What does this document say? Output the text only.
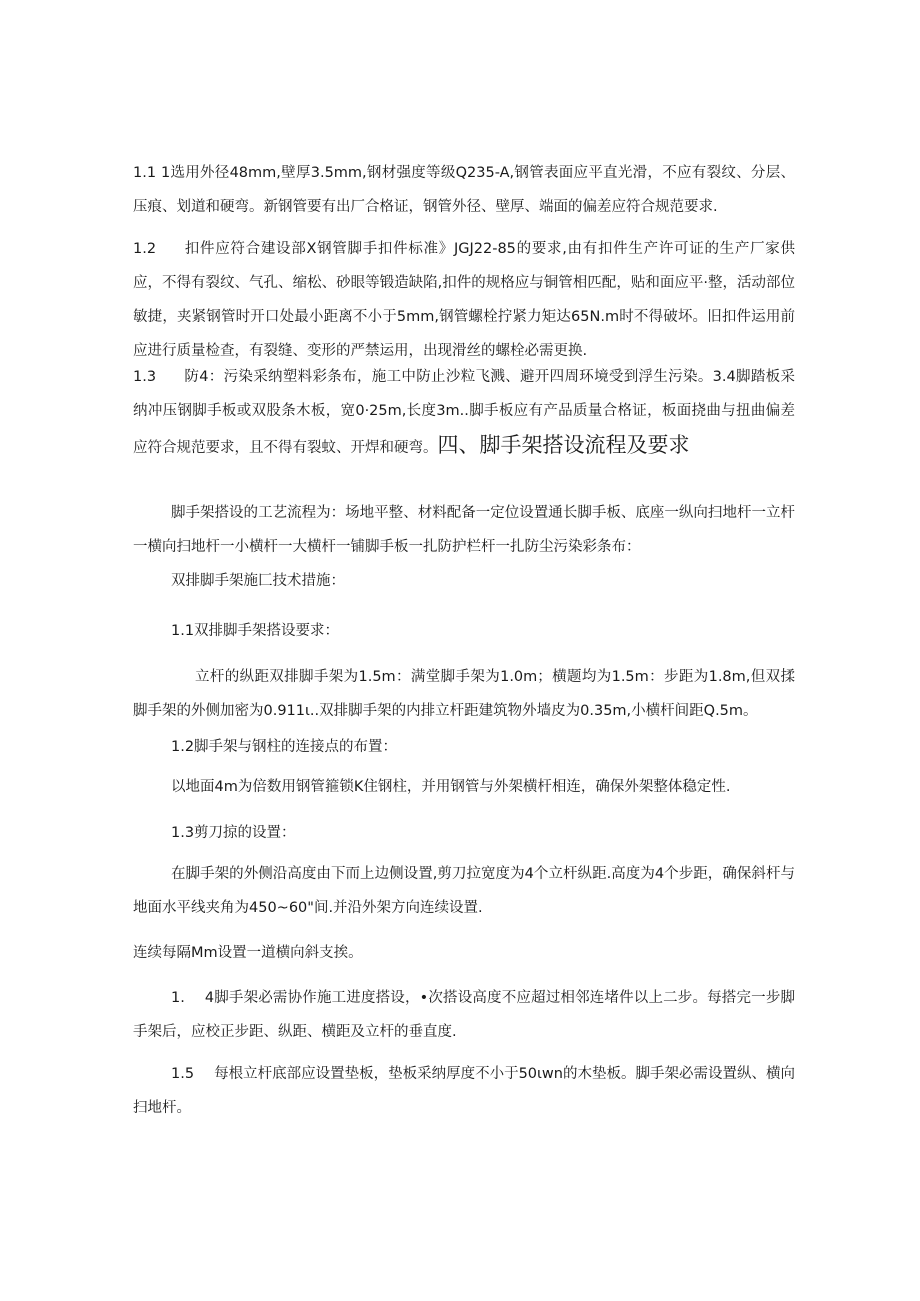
1.1 1选用外径48mm,壁厚3.5mm,钢材强度等级Q235-A,钢管表面应平直光滑，不应有裂纹、分层、压痕、划道和硬弯。新钢管要有出厂合格证，钢管外径、壁厚、端面的偏差应符合规范要求.

1.2 扣件应符合建设部X钢管脚手扣件标准》JGJ22-85的要求,由有扣件生产许可证的生产厂家供应，不得有裂纹、气孔、缩松、砂眼等锻造缺陷,扣件的规格应与铜管相匹配，贴和面应平·整，活动部位敏捷，夹紧钢管时开口处最小距离不小于5mm,钢管螺栓拧紧力矩达65N.m时不得破坏。旧扣件运用前应进行质量检查，有裂缝、变形的严禁运用，出现滑丝的螺栓必需更换.

1.3 防4：污染采纳塑料彩条布，施工中防止沙粒飞溅、避开四周环境受到浮生污染。3.4脚踏板采纳冲压钢脚手板或双股条木板，宽0·25m,长度3m..脚手板应有产品质量合格证，板面挠曲与扭曲偏差应符合规范要求，且不得有裂蚊、开焊和硬弯。四、脚手架搭设流程及要求

脚手架搭设的工艺流程为：场地平整、材料配备一定位设置通长脚手板、底座一纵向扫地杆一立杆一横向扫地杆一小横杆一大横杆一铺脚手板一扎防护栏杆一扎防尘污染彩条布：

双排脚手架施匚技术措施：

1.1双排脚手架搭设要求：

立杆的纵距双排脚手架为1.5m：满堂脚手架为1.0m；横题均为1.5m：步距为1.8m,但双揉脚手架的外侧加密为0.911ι..双排脚手架的内排立杆距建筑物外墙皮为0.35m,小横杆间距Q.5m。

1.2脚手架与钢柱的连接点的布置：

以地面4m为倍数用钢管箍锁K住钢柱，并用钢管与外架横杆相连，确保外架整体稳定性.

1.3剪刀掠的设置：

在脚手架的外侧沿高度由下而上边侧设置,剪刀拉宽度为4个立杆纵距.高度为4个步距，确保斜杆与地面水平线夹角为450~60"间.并沿外架方向连续设置.

连续每隔Mm设置一道横向斜支挨。

1. 4脚手架必需协作施工进度搭设，•次搭设高度不应超过相邻连堵件以上二步。每搭完一步脚手架后，应校正步距、纵距、横距及立杆的垂直度.

1.5 每根立杆底部应设置垫板，垫板采纳厚度不小于50ιwn的木垫板。脚手架必需设置纵、横向扫地杆。
